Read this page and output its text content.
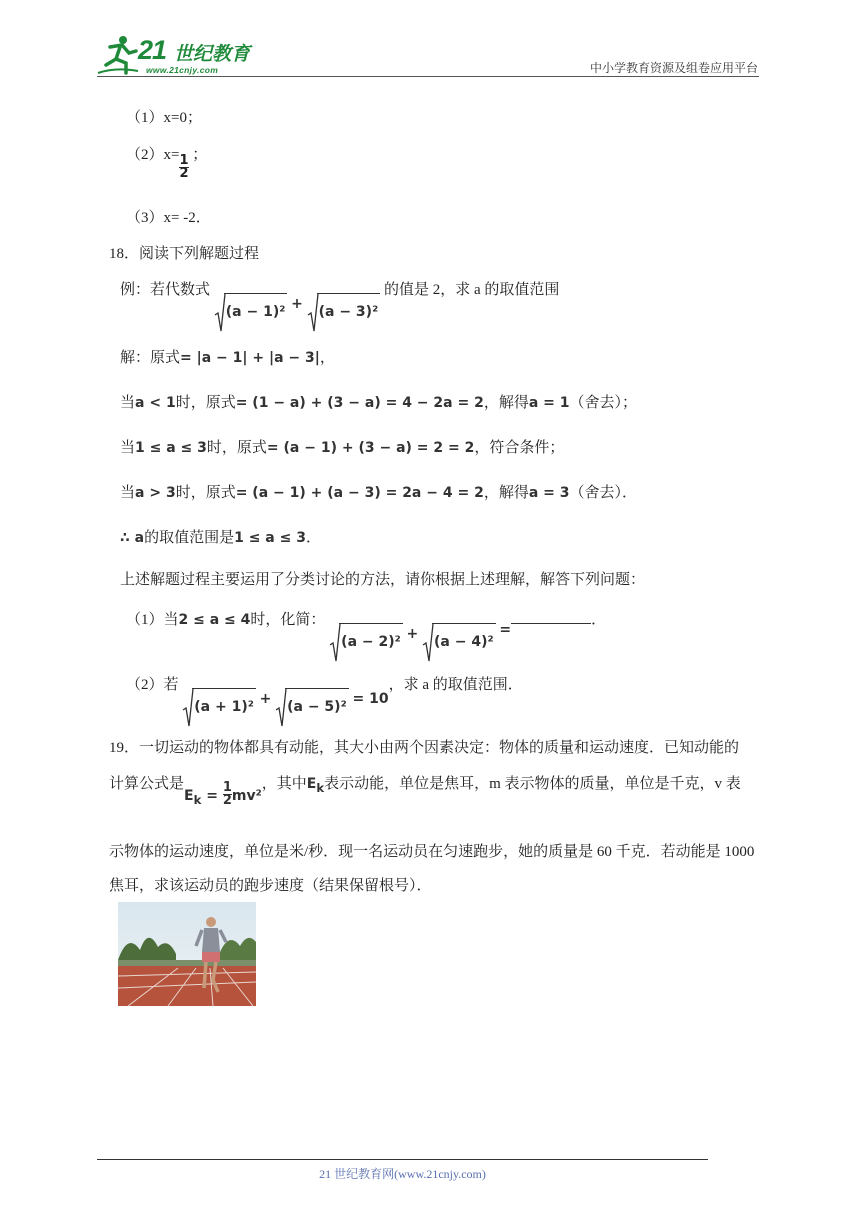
21 世纪教育
www.21cnjy.com	中小学教育资源及组卷应用平台
（1）x=0；
$(2)x= \frac{1}{2}$ ；
（3）x= -2．
18．阅读下列解题过程
例：若代数式
(a − 1)² + (a − 3)² 的值是 2，求 a 的取值范围
解：原式= |a − 1| + |a − 3|，
当a < 1时，原式= (1 − a) + (3 − a) = 4 − 2a = 2，解得a = 1（舍去）；
当1 ≤ a ≤ 3时，原式= (a − 1) + (3 − a) = 2 = 2，符合条件；
当a > 3时，原式= (a − 1) + (a − 3) = 2a − 4 = 2，解得a = 3（舍去）．
∴ a的取值范围是1 ≤ a ≤ 3．
上述解题过程主要运用了分类讨论的方法，请你根据上述理解，解答下列问题：
（1）当2 ≤ a ≤ 4时，化简：
(a − 2)² + (a − 4)² =．
（2）若
(a + 1)² + (a − 5)² = 10，求 a 的取值范围．
19．一切运动的物体都具有动能，其大小由两个因素决定：物体的质量和运动速度．已知动能的
计算公式是$E_k = \frac{1}{2} mv^2$，其中$E_k$表示动能，单位是焦耳，m 表示物体的质量，单位是千克，v 表
示物体的运动速度，单位是米/秒．现一名运动员在匀速跑步，她的质量是 60 千克．若动能是 1000
焦耳，求该运动员的跑步速度（结果保留根号）．
21 世纪教育网(www.21cnjy.com)
